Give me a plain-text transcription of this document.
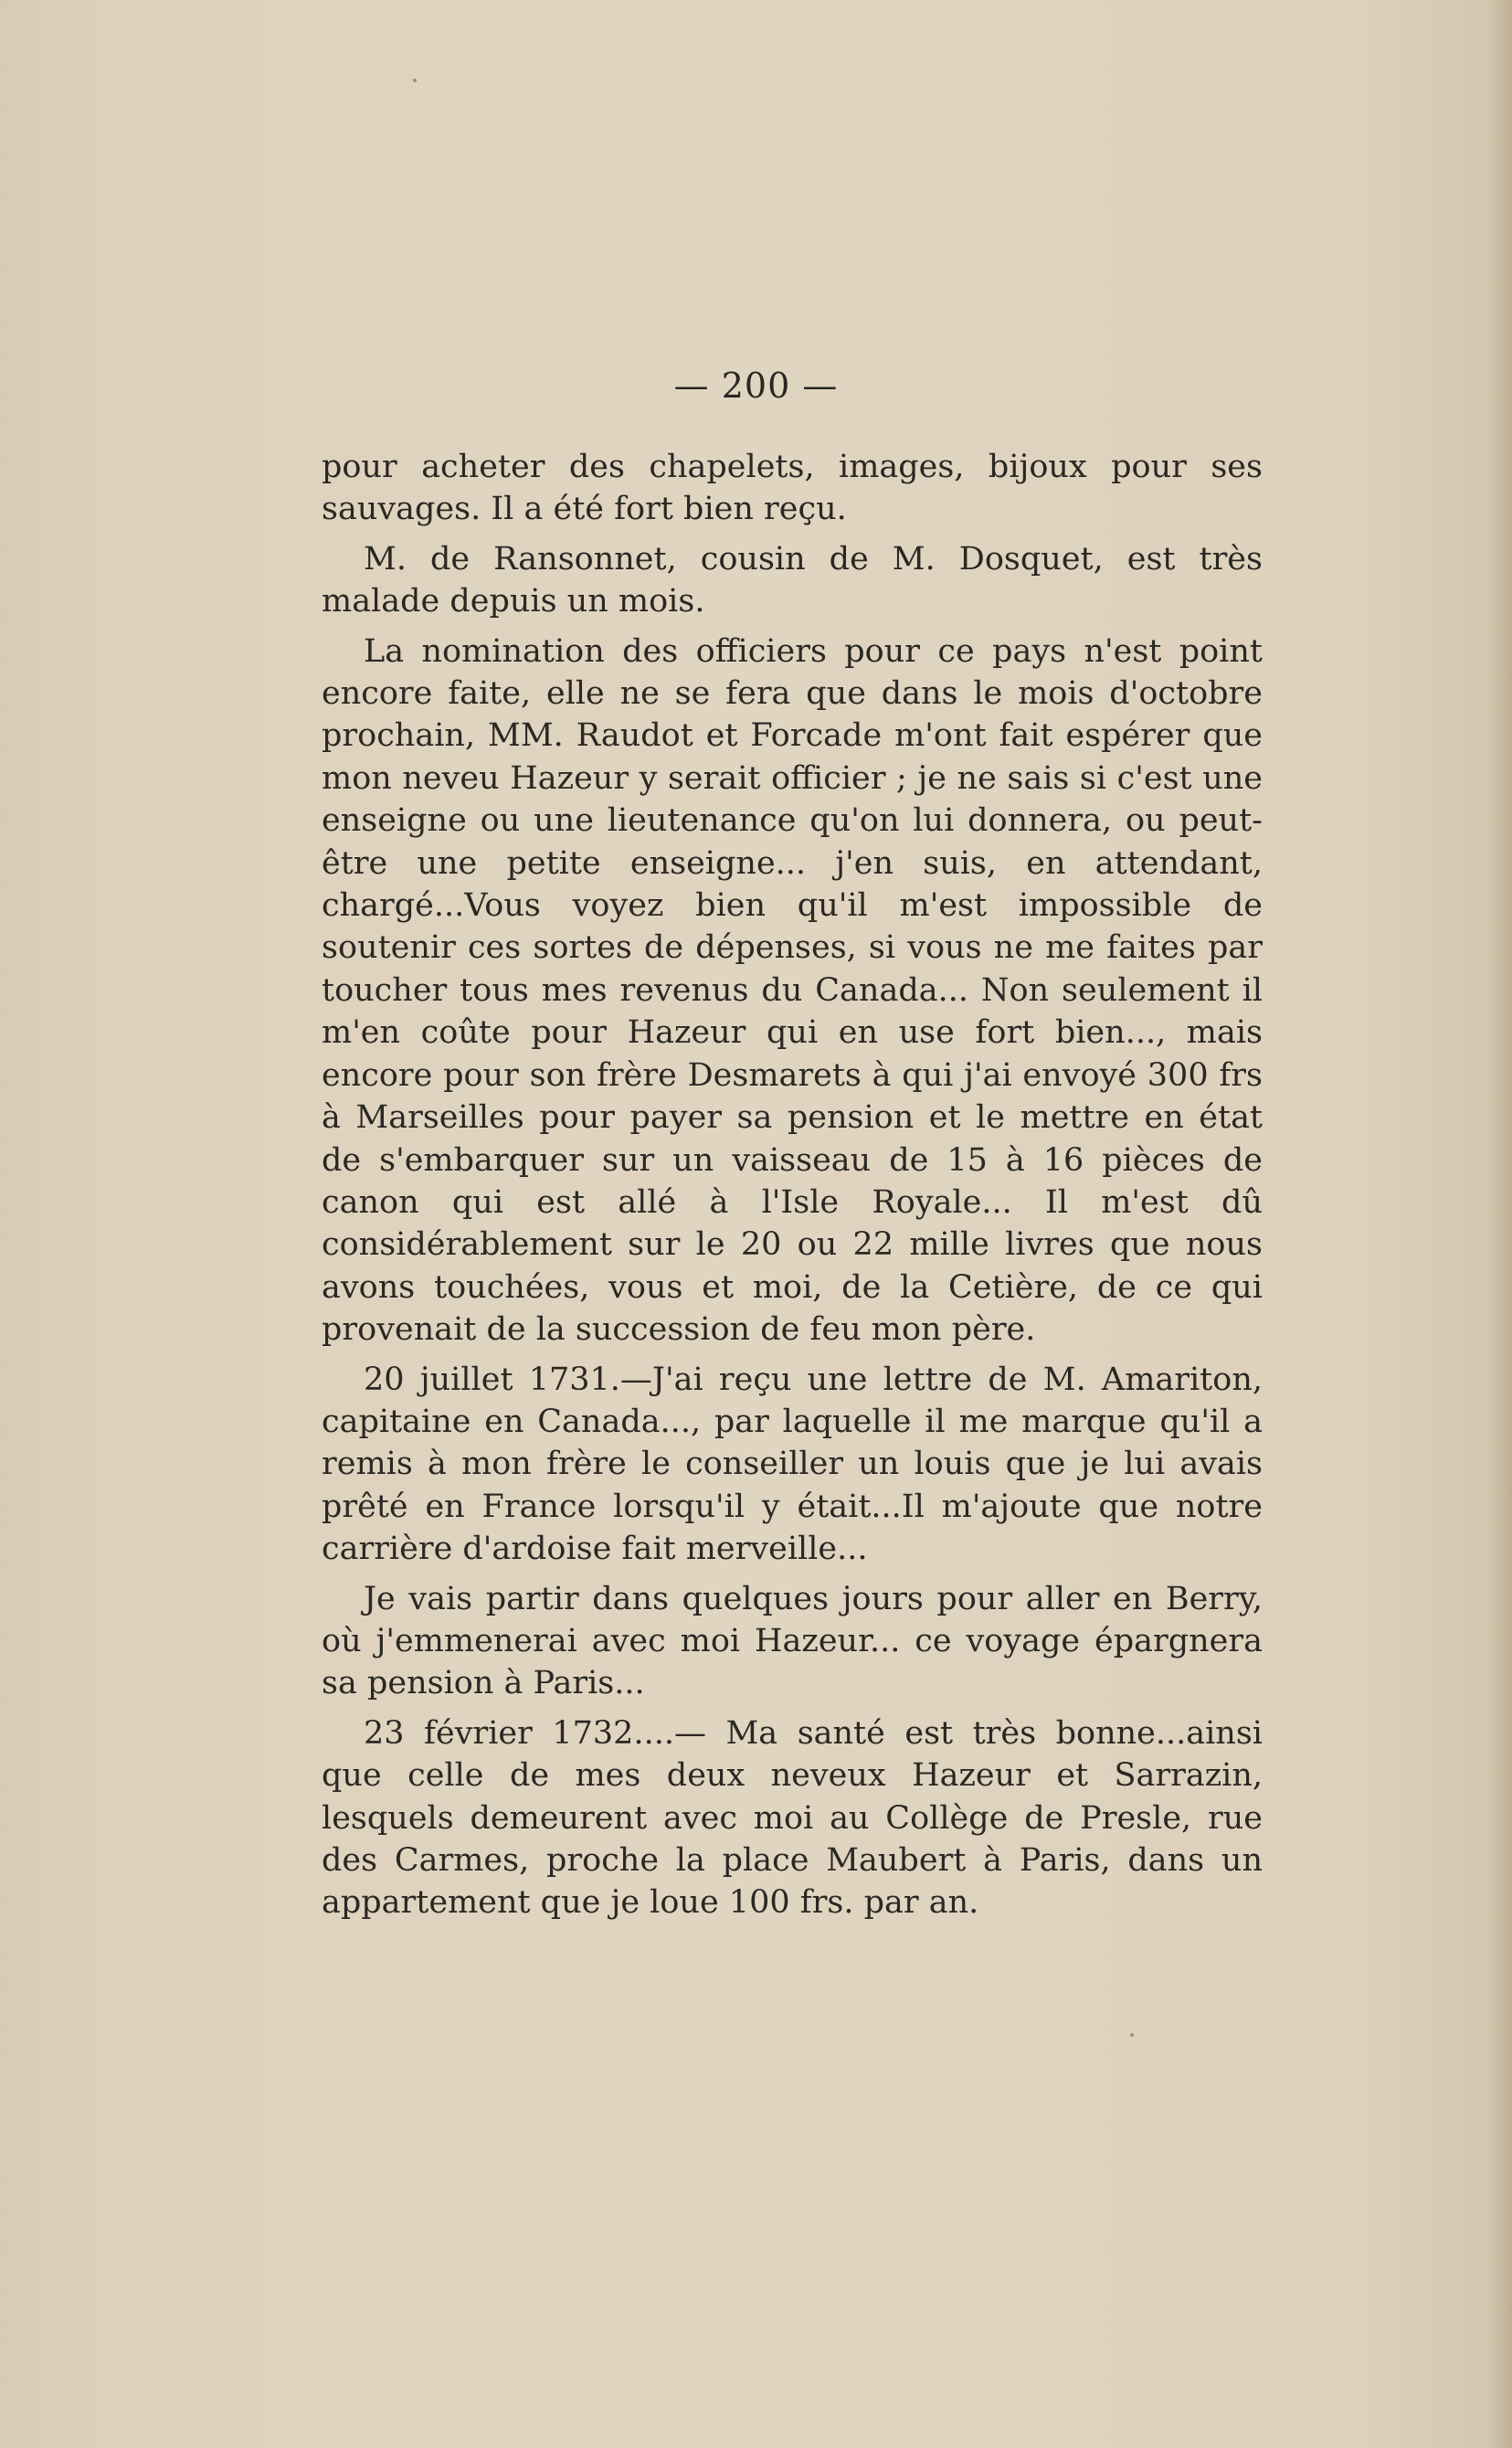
— 200 —

pour acheter des chapelets, images, bijoux pour ses sauvages. Il a été fort bien reçu.

M. de Ransonnet, cousin de M. Dosquet, est très malade depuis un mois.

La nomination des officiers pour ce pays n'est point encore faite, elle ne se fera que dans le mois d'octobre prochain, MM. Raudot et Forcade m'ont fait espérer que mon neveu Hazeur y serait officier ; je ne sais si c'est une enseigne ou une lieutenance qu'on lui donnera, ou peut-être une petite enseigne... j'en suis, en attendant, chargé...Vous voyez bien qu'il m'est impossible de soutenir ces sortes de dépenses, si vous ne me faites par toucher tous mes revenus du Canada... Non seulement il m'en coûte pour Hazeur qui en use fort bien..., mais encore pour son frère Desmarets à qui j'ai envoyé 300 frs à Marseilles pour payer sa pension et le mettre en état de s'embarquer sur un vaisseau de 15 à 16 pièces de canon qui est allé à l'Isle Royale... Il m'est dû considérablement sur le 20 ou 22 mille livres que nous avons touchées, vous et moi, de la Cetière, de ce qui provenait de la succession de feu mon père.

20 juillet 1731.—J'ai reçu une lettre de M. Amariton, capitaine en Canada..., par laquelle il me marque qu'il a remis à mon frère le conseiller un louis que je lui avais prêté en France lorsqu'il y était...Il m'ajoute que notre carrière d'ardoise fait merveille...

Je vais partir dans quelques jours pour aller en Berry, où j'emmenerai avec moi Hazeur... ce voyage épargnera sa pension à Paris...

23 février 1732....— Ma santé est très bonne...ainsi que celle de mes deux neveux Hazeur et Sarrazin, lesquels demeurent avec moi au Collège de Presle, rue des Carmes, proche la place Maubert à Paris, dans un appartement que je loue 100 frs. par an.
